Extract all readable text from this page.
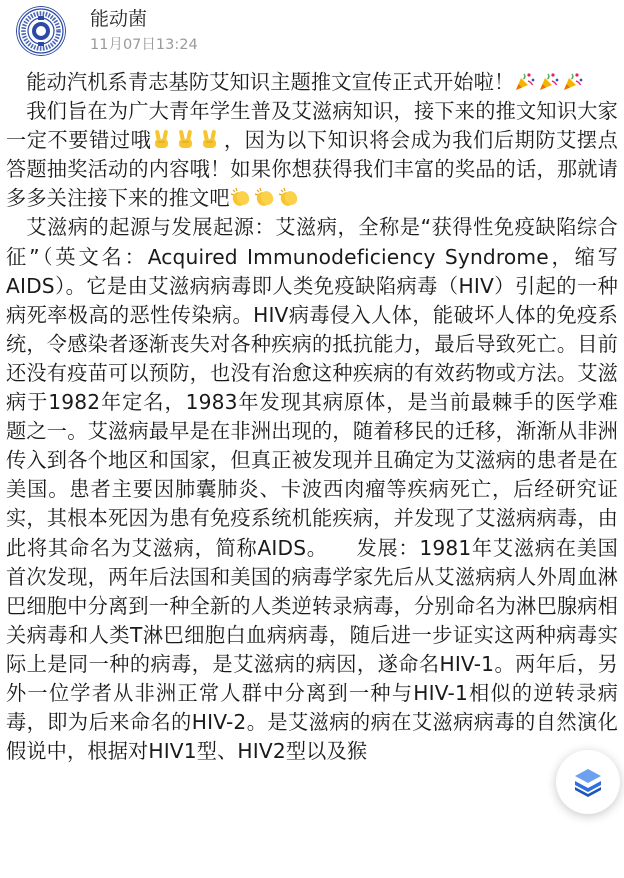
能动菌
11月07日13:24

能动汽机系青志基防艾知识主题推文宣传正式开始啦！

我们旨在为广大青年学生普及艾滋病知识，接下来的推文知识大家一定不要错过哦	，因为以下知识将会成为我们后期防艾摆点答题抽奖活动的内容哦！如果你想获得我们丰富的奖品的话，那就请多多关注接下来的推文吧

艾滋病的起源与发展起源：艾滋病，全称是“获得性免疫缺陷综合征”（英文名：Acquired Immunodeficiency Syndrome，缩写AIDS）。它是由艾滋病病毒即人类免疫缺陷病毒（HIV）引起的一种病死率极高的恶性传染病。HIV病毒侵入人体，能破坏人体的免疫系统，令感染者逐渐丧失对各种疾病的抵抗能力，最后导致死亡。目前还没有疫苗可以预防，也没有治愈这种疾病的有效药物或方法。艾滋病于1982年定名，1983年发现其病原体，是当前最棘手的医学难题之一。艾滋病最早是在非洲出现的，随着移民的迁移，渐渐从非洲传入到各个地区和国家，但真正被发现并且确定为艾滋病的患者是在美国。患者主要因肺囊肺炎、卡波西肉瘤等疾病死亡，后经研究证实，其根本死因为患有免疫系统机能疾病，并发现了艾滋病病毒，由此将其命名为艾滋病，简称AIDS。    发展：1981年艾滋病在美国首次发现，两年后法国和美国的病毒学家先后从艾滋病病人外周血淋巴细胞中分离到一种全新的人类逆转录病毒，分别命名为淋巴腺病相关病毒和人类T淋巴细胞白血病病毒，随后进一步证实这两种病毒实际上是同一种的病毒，是艾滋病的病因，遂命名HIV-1。两年后，另外一位学者从非洲正常人群中分离到一种与HIV-1相似的逆转录病毒，即为后来命名的HIV-2。是艾滋病的病在艾滋病病毒的自然演化假说中，根据对HIV1型、HIV2型以及猴
